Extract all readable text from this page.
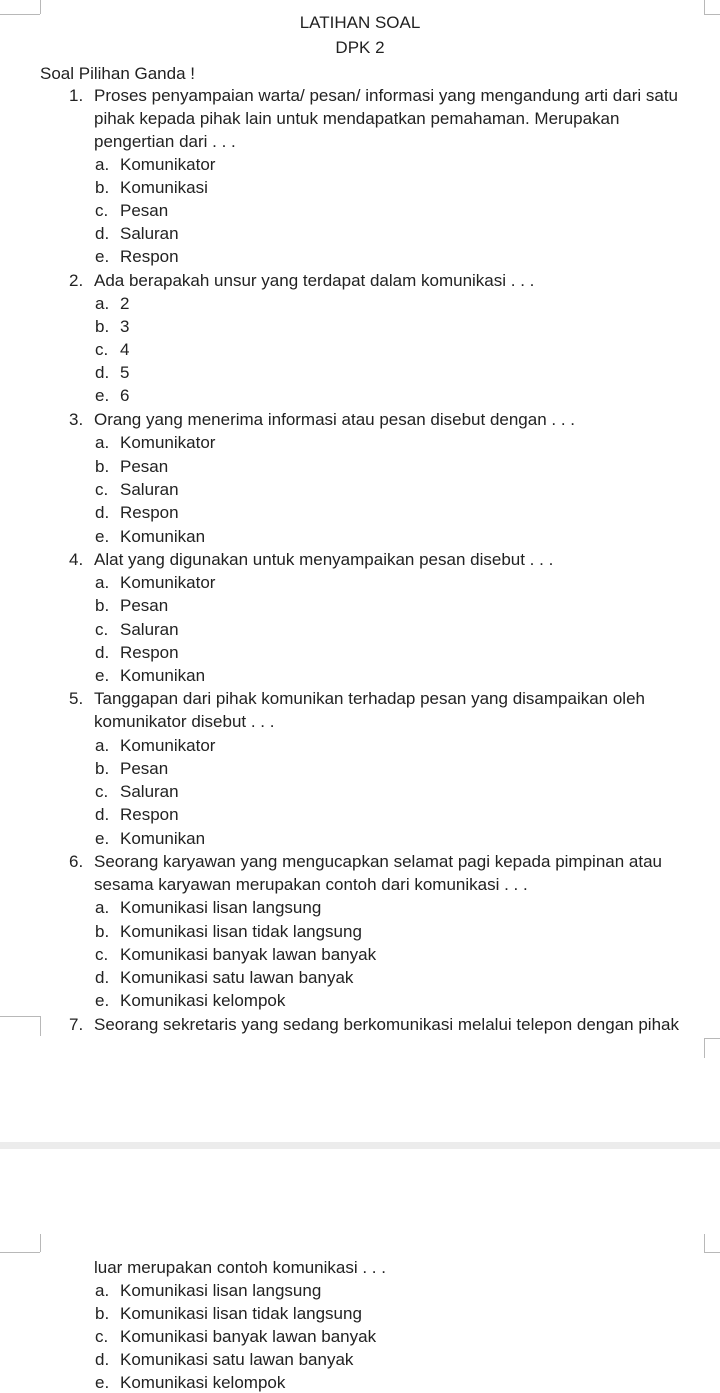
LATIHAN SOAL
DPK 2
Soal Pilihan Ganda !
1. Proses penyampaian warta/ pesan/ informasi yang mengandung arti dari satu
pihak kepada pihak lain untuk mendapatkan pemahaman. Merupakan
pengertian dari . . .
a. Komunikator
b. Komunikasi
c. Pesan
d. Saluran
e. Respon
2. Ada berapakah unsur yang terdapat dalam komunikasi . . .
a. 2
b. 3
c. 4
d. 5
e. 6
3. Orang yang menerima informasi atau pesan disebut dengan . . .
a. Komunikator
b. Pesan
c. Saluran
d. Respon
e. Komunikan
4. Alat yang digunakan untuk menyampaikan pesan disebut . . .
a. Komunikator
b. Pesan
c. Saluran
d. Respon
e. Komunikan
5. Tanggapan dari pihak komunikan terhadap pesan yang disampaikan oleh
komunikator disebut . . .
a. Komunikator
b. Pesan
c. Saluran
d. Respon
e. Komunikan
6. Seorang karyawan yang mengucapkan selamat pagi kepada pimpinan atau
sesama karyawan merupakan contoh dari komunikasi . . .
a. Komunikasi lisan langsung
b. Komunikasi lisan tidak langsung
c. Komunikasi banyak lawan banyak
d. Komunikasi satu lawan banyak
e. Komunikasi kelompok
7. Seorang sekretaris yang sedang berkomunikasi melalui telepon dengan pihak
luar merupakan contoh komunikasi . . .
a. Komunikasi lisan langsung
b. Komunikasi lisan tidak langsung
c. Komunikasi banyak lawan banyak
d. Komunikasi satu lawan banyak
e. Komunikasi kelompok
